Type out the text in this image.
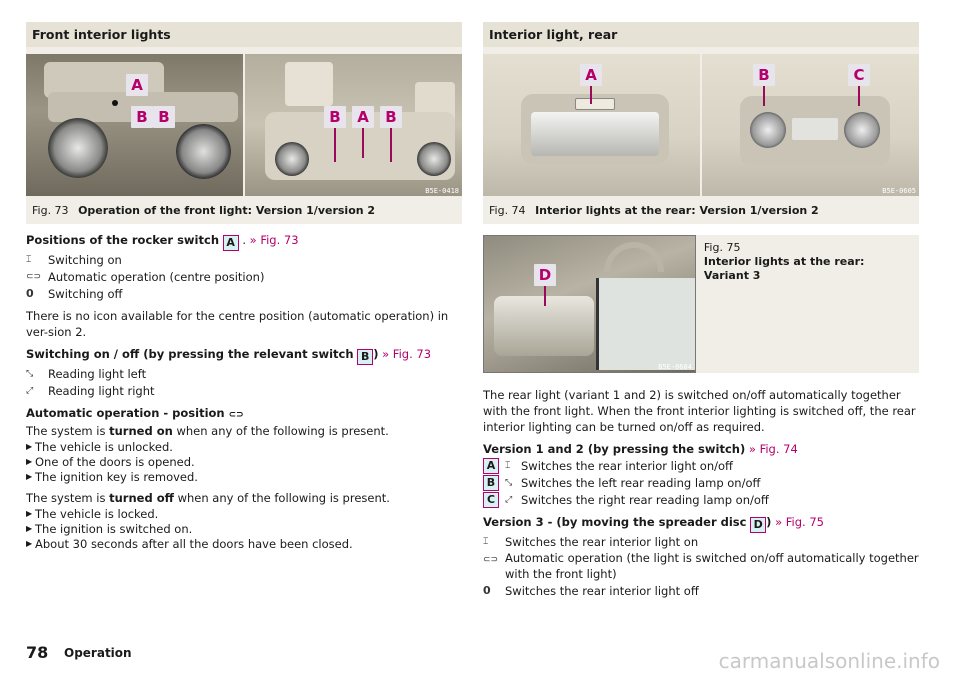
Front interior lights
B5E-0418
A
B B	B	A	B
Fig. 73 Operation of the front light: Version 1/version 2
Positions of the rocker switch A . » Fig. 73
⌶	Switching on
⊂⊃ Automatic operation (centre position)
0	Switching off
There is no icon available for the centre position (automatic operation) in ver-sion 2.
Switching on / off (by pressing the relevant switch B ) » Fig. 73
⤡	Reading light left
⤢	Reading light right
Automatic operation - position ⊂⊃
The system is turned on when any of the following is present.
▶ The vehicle is unlocked.
▶ One of the doors is opened.
▶ The ignition key is removed.
The system is turned off when any of the following is present.
▶ The vehicle is locked.
▶ The ignition is switched on.
▶ About 30 seconds after all the doors have been closed.
Interior light, rear
B5E-0605
A	B	C
Fig. 74 Interior lights at the rear: Version 1/version 2
D
B5E-0604
Fig. 75
Interior lights at the rear: Variant 3
The rear light (variant 1 and 2) is switched on/off automatically together with the front light. When the front interior lighting is switched off, the rear interior lighting can be turned on/off as required.
Version 1 and 2 (by pressing the switch) » Fig. 74
A	⌶ Switches the rear interior light on/off
B	⤡ Switches the left rear reading lamp on/off
C	⤢ Switches the right rear reading lamp on/off
Version 3 - (by moving the spreader disc D ) » Fig. 75
⌶	Switches the rear interior light on
⊂⊃ Automatic operation (the light is switched on/off automatically together with the front light)
0	Switches the rear interior light off
78 Operation	carmanualsonline.info
